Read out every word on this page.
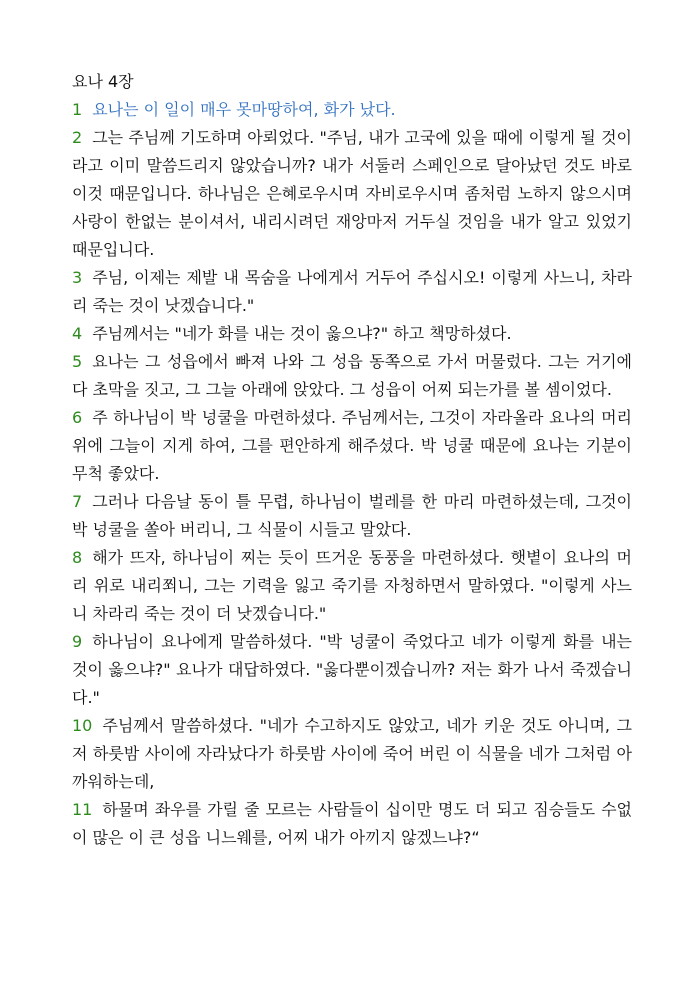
요나 4장

1 요나는 이 일이 매우 못마땅하여, 화가 났다.

2 그는 주님께 기도하며 아뢰었다. "주님, 내가 고국에 있을 때에 이렇게 될 것이라고 이미 말씀드리지 않았습니까? 내가 서둘러 스페인으로 달아났던 것도 바로 이것 때문입니다. 하나님은 은혜로우시며 자비로우시며 좀처럼 노하지 않으시며 사랑이 한없는 분이셔서, 내리시려던 재앙마저 거두실 것임을 내가 알고 있었기 때문입니다.

3 주님, 이제는 제발 내 목숨을 나에게서 거두어 주십시오! 이렇게 사느니, 차라리 죽는 것이 낫겠습니다."

4 주님께서는 "네가 화를 내는 것이 옳으냐?" 하고 책망하셨다.

5 요나는 그 성읍에서 빠져 나와 그 성읍 동쪽으로 가서 머물렀다. 그는 거기에다 초막을 짓고, 그 그늘 아래에 앉았다. 그 성읍이 어찌 되는가를 볼 셈이었다.

6 주 하나님이 박 넝쿨을 마련하셨다. 주님께서는, 그것이 자라올라 요나의 머리 위에 그늘이 지게 하여, 그를 편안하게 해주셨다. 박 넝쿨 때문에 요나는 기분이 무척 좋았다.

7 그러나 다음날 동이 틀 무렵, 하나님이 벌레를 한 마리 마련하셨는데, 그것이 박 넝쿨을 쏠아 버리니, 그 식물이 시들고 말았다.

8 해가 뜨자, 하나님이 찌는 듯이 뜨거운 동풍을 마련하셨다. 햇볕이 요나의 머리 위로 내리쬐니, 그는 기력을 잃고 죽기를 자청하면서 말하였다. "이렇게 사느니 차라리 죽는 것이 더 낫겠습니다."

9 하나님이 요나에게 말씀하셨다. "박 넝쿨이 죽었다고 네가 이렇게 화를 내는 것이 옳으냐?" 요나가 대답하였다. "옳다뿐이겠습니까? 저는 화가 나서 죽겠습니다."

10 주님께서 말씀하셨다. "네가 수고하지도 않았고, 네가 키운 것도 아니며, 그저 하룻밤 사이에 자라났다가 하룻밤 사이에 죽어 버린 이 식물을 네가 그처럼 아까워하는데,

11 하물며 좌우를 가릴 줄 모르는 사람들이 십이만 명도 더 되고 짐승들도 수없이 많은 이 큰 성읍 니느웨를, 어찌 내가 아끼지 않겠느냐?“
